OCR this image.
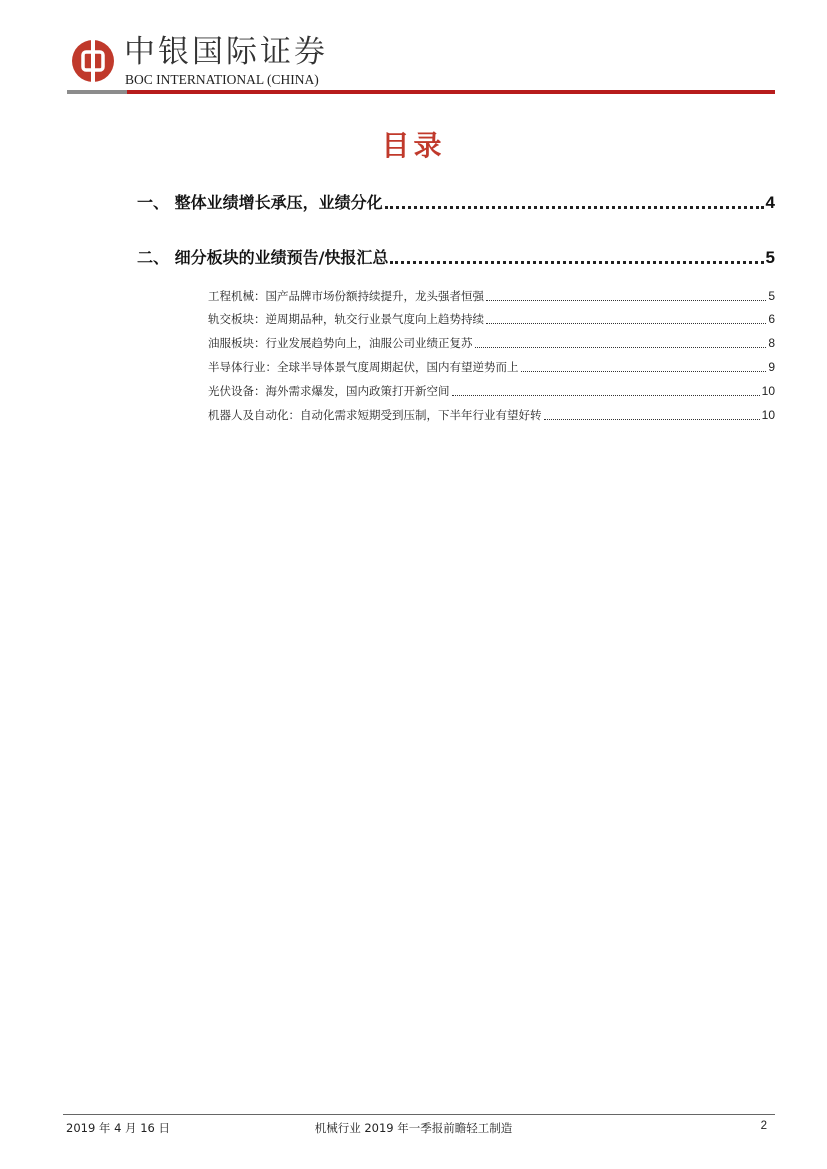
中银国际证券
BOC INTERNATIONAL (CHINA)
目录
一、 整体业绩增长承压，业绩分化	4
二、 细分板块的业绩预告/快报汇总	5
工程机械：国产品牌市场份额持续提升，龙头强者恒强	5
轨交板块：逆周期品种，轨交行业景气度向上趋势持续	6
油服板块：行业发展趋势向上，油服公司业绩正复苏	8
半导体行业：全球半导体景气度周期起伏，国内有望逆势而上	9
光伏设备：海外需求爆发，国内政策打开新空间	10
机器人及自动化：自动化需求短期受到压制，下半年行业有望好转	10
2019 年 4 月 16 日	机械行业 2019 年一季报前瞻轻工制造	2
